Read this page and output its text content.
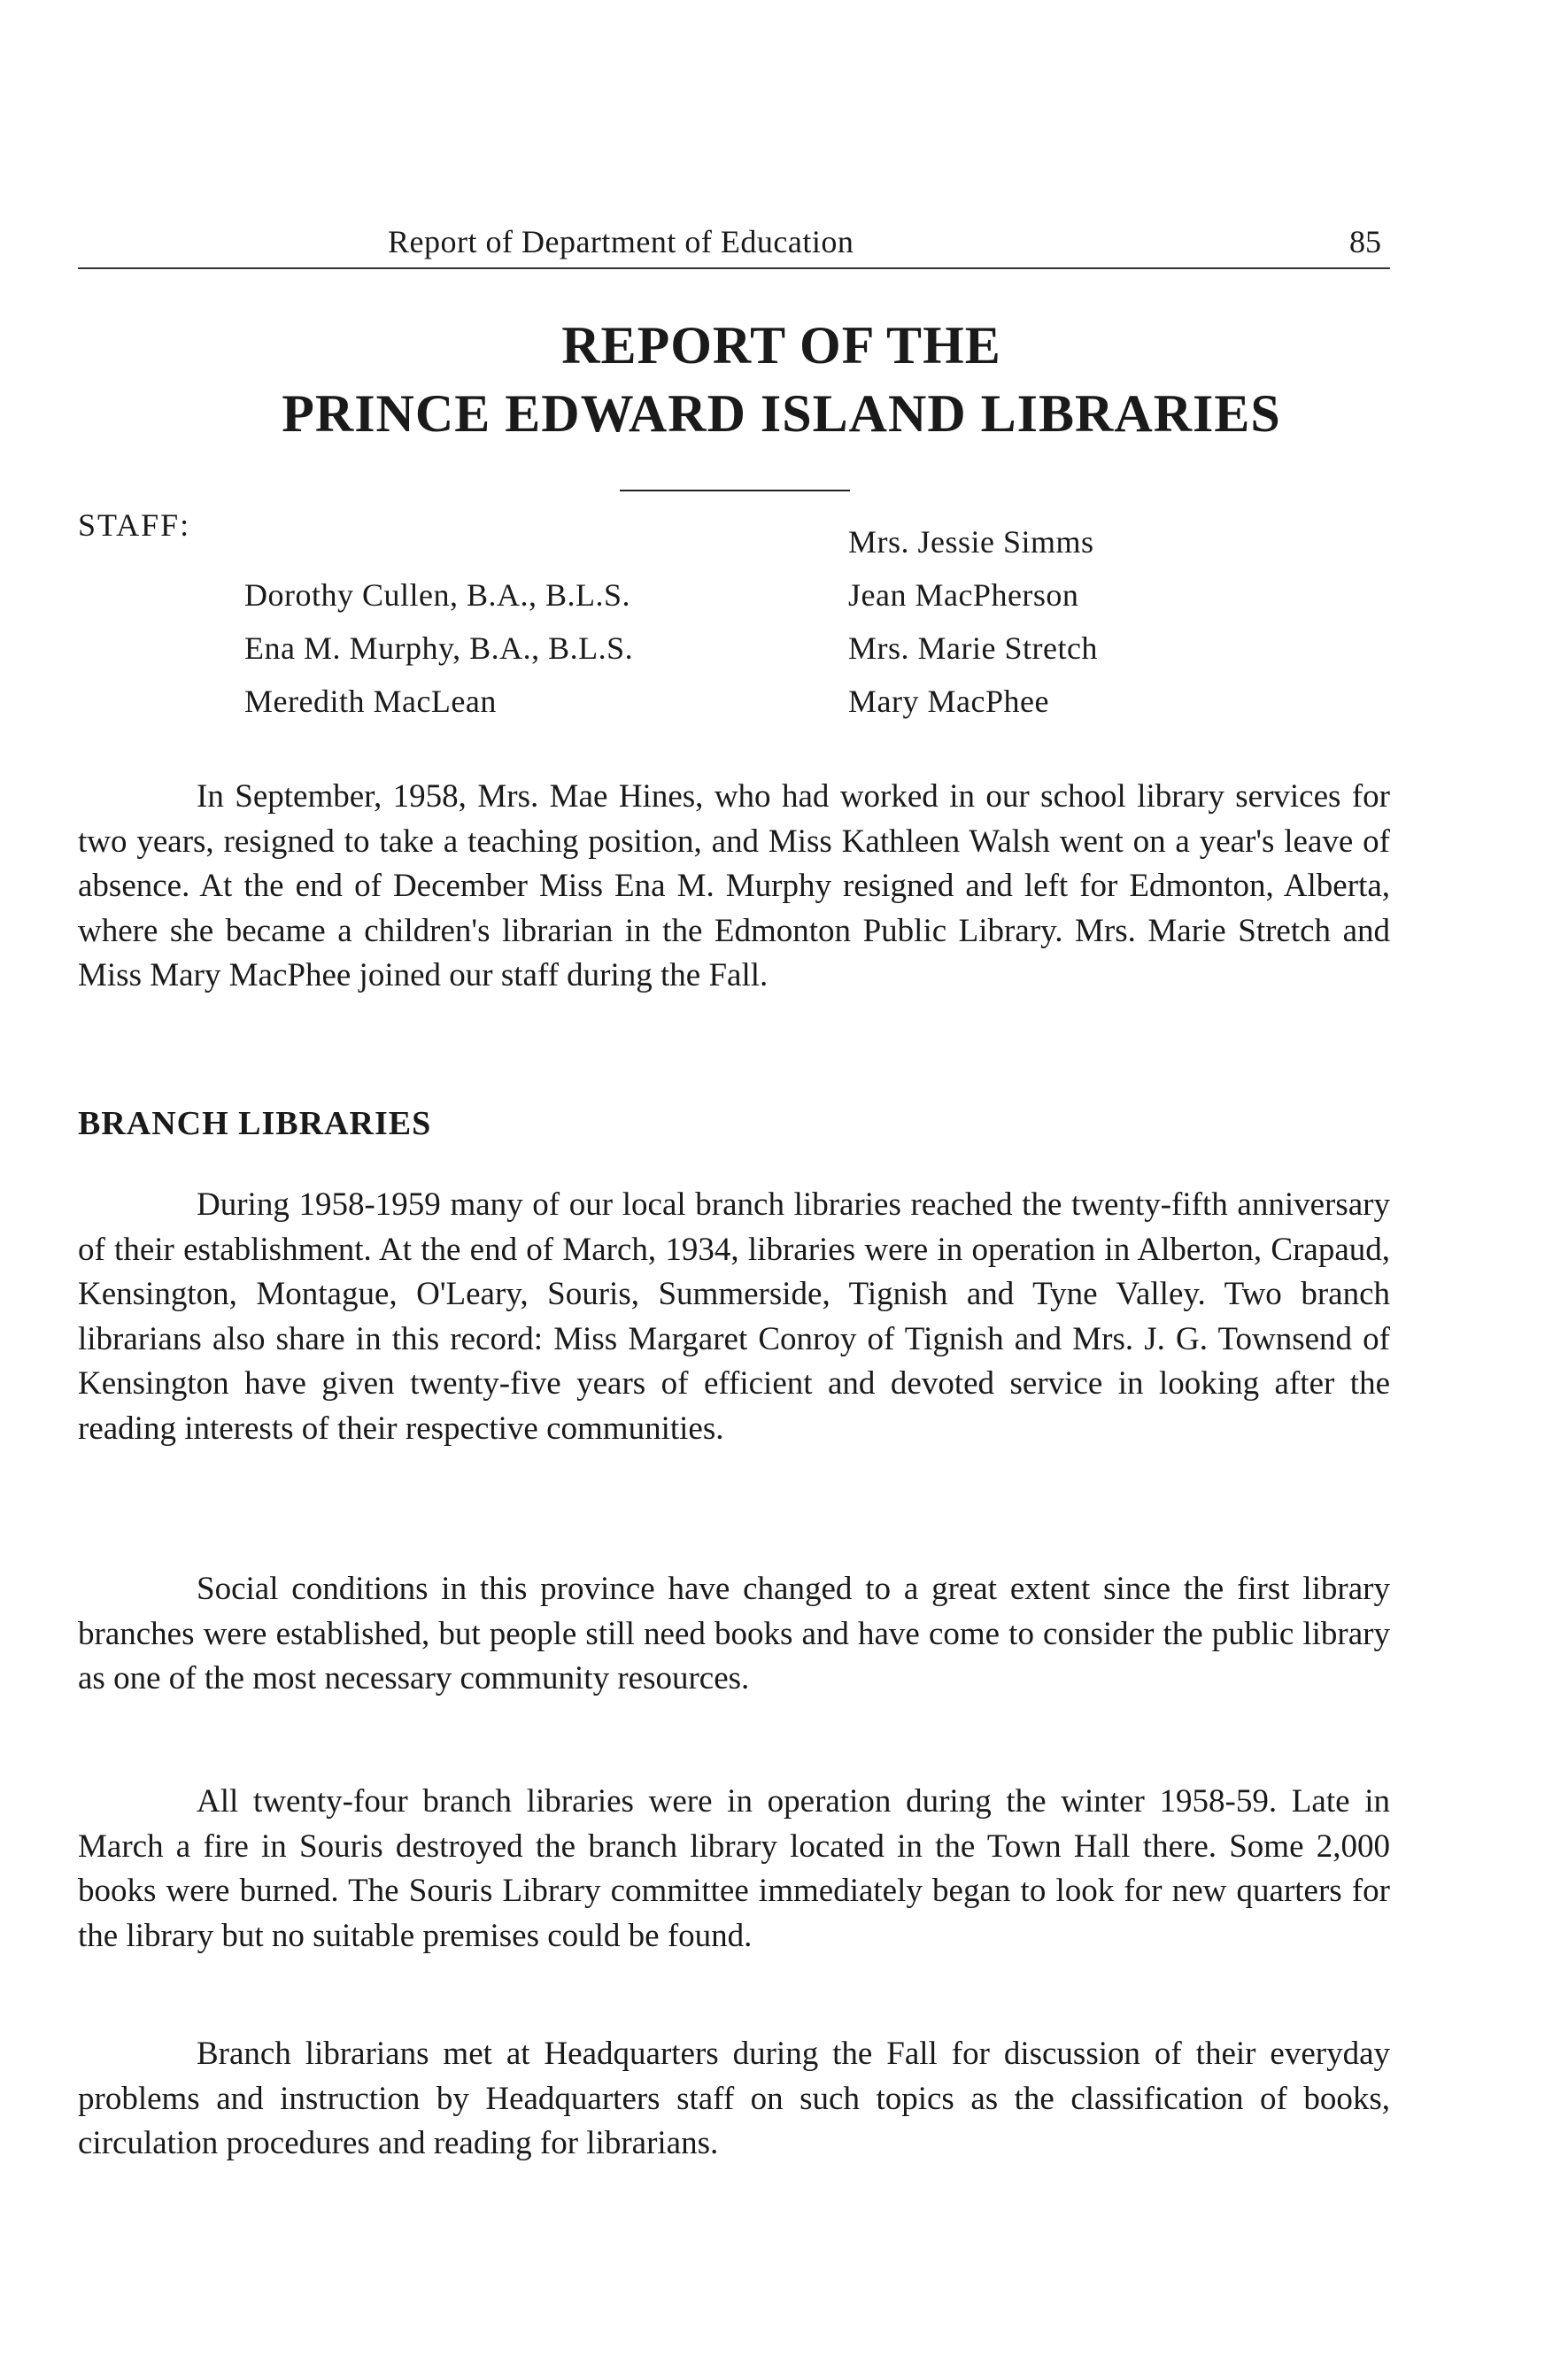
Report of Department of Education	85
REPORT OF THE
PRINCE EDWARD ISLAND LIBRARIES
STAFF:
Dorothy Cullen, B.A., B.L.S.
Ena M. Murphy, B.A., B.L.S.
Meredith MacLean
Mrs. Jessie Simms
Jean MacPherson
Mrs. Marie Stretch
Mary MacPhee

In September, 1958, Mrs. Mae Hines, who had worked in our school library services for two years, resigned to take a teaching position, and Miss Kathleen Walsh went on a year's leave of absence. At the end of December Miss Ena M. Murphy resigned and left for Edmonton, Alberta, where she became a children's librarian in the Edmonton Public Library. Mrs. Marie Stretch and Miss Mary MacPhee joined our staff during the Fall.

BRANCH LIBRARIES

During 1958-1959 many of our local branch libraries reached the twenty-fifth anniversary of their establishment. At the end of March, 1934, libraries were in operation in Alberton, Crapaud, Kensington, Montague, O'Leary, Souris, Summerside, Tignish and Tyne Valley. Two branch librarians also share in this record: Miss Margaret Conroy of Tignish and Mrs. J. G. Townsend of Kensington have given twenty-five years of efficient and devoted service in looking after the reading interests of their respective communities.

Social conditions in this province have changed to a great extent since the first library branches were established, but people still need books and have come to consider the public library as one of the most necessary community resources.

All twenty-four branch libraries were in operation during the winter 1958-59. Late in March a fire in Souris destroyed the branch library located in the Town Hall there. Some 2,000 books were burned. The Souris Library committee immediately began to look for new quarters for the library but no suitable premises could be found.

Branch librarians met at Headquarters during the Fall for discussion of their everyday problems and instruction by Headquarters staff on such topics as the classification of books, circulation procedures and reading for librarians.
